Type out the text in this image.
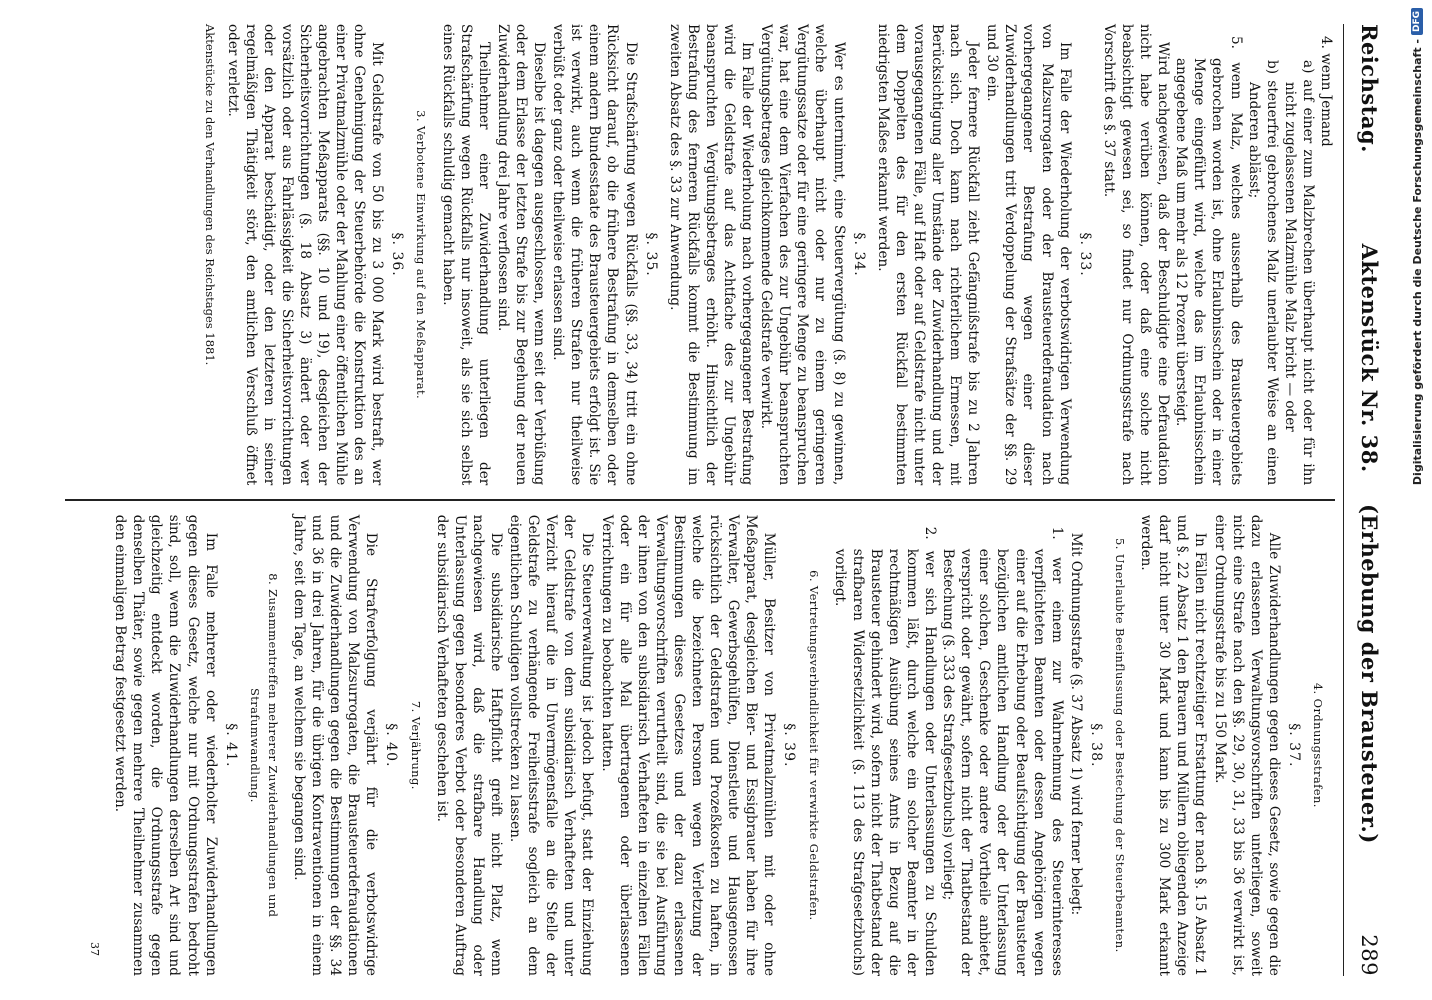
Reichstag.
Aktenstück Nr. 38.    (Erhebung der Brausteuer.)
289

4. wenn Jemand

a) auf einer zum Malzbrechen überhaupt nicht oder für ihn nicht zugelassenen Malzmühle Malz bricht — oder

b) steuerfrei gebrochenes Malz unerlaubter Weise an einen Anderen ablässt;

5. wenn Malz, welches ausserhalb des Brausteuergebiets gebrochen worden ist, ohne Erlaubnisschein oder in einer Menge eingeführt wird, welche das im Erlaubnisschein angegebene Maß um mehr als 12 Prozent übersteigt.

Wird nachgewiesen, daß der Beschuldigte eine Defraudation nicht habe verüben können, oder daß eine solche nicht beabsichtigt gewesen sei, so findet nur Ordnungsstrafe nach Vorschrift des §. 37 statt.

§. 33.

Im Falle der Wiederholung der verbotswidrigen Verwendung von Malzsurrogaten oder der Brausteuerdefraudation nach vorhergegangener Bestrafung wegen einer dieser Zuwiderhandlungen tritt Verdoppelung der Strafsätze der §§. 29 und 30 ein.

Jeder fernere Rückfall zieht Gefängnißstrafe bis zu 2 Jahren nach sich. Doch kann nach richterlichem Ermessen, mit Berücksichtigung aller Umstände der Zuwiderhandlung und der vorausgegangenen Fälle, auf Haft oder auf Geldstrafe nicht unter dem Doppelten des für den ersten Rückfall bestimmten niedrigsten Maßes erkannt werden.

§. 34.

Wer es unternimmt, eine Steuervergütung (§. 8) zu gewinnen, welche überhaupt nicht oder nur zu einem geringeren Vergütungssatze oder für eine geringere Menge zu beanspruchen war, hat eine dem Vierfachen des zur Ungebühr beanspruchten Vergütungsbetrages gleichkommende Geldstrafe verwirkt.

Im Falle der Wiederholung nach vorhergegangener Bestrafung wird die Geldstrafe auf das Achtfache des zur Ungebühr beanspruchten Vergütungsbetrages erhöht. Hinsichtlich der Bestrafung des ferneren Rückfalls kommt die Bestimmung im zweiten Absatz des §. 33 zur Anwendung.

§. 35.

Die Strafschärfung wegen Rückfalls (§§. 33, 34) tritt ein ohne Rücksicht darauf, ob die frühere Bestrafung in demselben oder einem andern Bundesstaate des Brausteuergebiets erfolgt ist. Sie ist verwirkt, auch wenn die früheren Strafen nur theilweise verbüßt oder ganz oder theilweise erlassen sind.

Dieselbe ist dagegen ausgeschlossen, wenn seit der Verbüßung oder dem Erlasse der letzten Strafe bis zur Begehung der neuen Zuwiderhandlung drei Jahre verflossen sind.

Theilnehmer einer Zuwiderhandlung unterliegen der Strafschärfung wegen Rückfalls nur insoweit, als sie sich selbst eines Rückfalls schuldig gemacht haben.

3. Verbotene Einwirkung auf den Meßapparat.
§. 36.

Mit Geldstrafe von 50 bis zu 3 000 Mark wird bestraft, wer ohne Genehmigung der Steuerbehörde die Konstruktion des an einer Privatmalzmühle oder der Mahlung einer öffentlichen Mühle angebrachten Meßapparats (§§. 10 und 19), desgleichen der Sicherheitsvorrichtungen (§. 18 Absatz 3) ändert oder wer vorsätzlich oder aus Fahrlässigkeit die Sicherheitsvorrichtungen oder den Apparat beschädigt, oder den letzteren in seiner regelmäßigen Thätigkeit stört, den amtlichen Verschluß öffnet oder verletzt.

Aktenstücke zu den Verhandlungen des Reichstages 1881.
4. Ordnungsstrafen.
§. 37.

Alle Zuwiderhandlungen gegen dieses Gesetz, sowie gegen die dazu erlassenen Verwaltungsvorschriften unterliegen, soweit nicht eine Strafe nach den §§. 29, 30, 31, 33 bis 36 verwirkt ist, einer Ordnungsstrafe bis zu 150 Mark.

In Fällen nicht rechtzeitiger Erstattung der nach §. 15 Absatz 1 und §. 22 Absatz 1 den Brauern und Müllern obliegenden Anzeige darf nicht unter 30 Mark und kann bis zu 300 Mark erkannt werden.

5. Unerlaubte Beeinflussung oder Bestechung der Steuerbeamten.
§. 38.

Mit Ordnungsstrafe (§. 37 Absatz 1) wird ferner belegt:

1. wer einem zur Wahrnehmung des Steuerinteresses verpflichteten Beamten oder dessen Angehörigen wegen einer auf die Erhebung oder Beaufsichtigung der Brausteuer bezüglichen amtlichen Handlung oder der Unterlassung einer solchen, Geschenke oder andere Vortheile anbietet, verspricht oder gewährt, sofern nicht der Thatbestand der Bestechung (§. 333 des Strafgesetzbuchs) vorliegt;

2. wer sich Handlungen oder Unterlassungen zu Schulden kommen läßt, durch welche ein solcher Beamter in der rechtmäßigen Ausübung seines Amts in Bezug auf die Brausteuer gehindert wird, sofern nicht der Thatbestand der strafbaren Widersetzlichkeit (§. 113 des Strafgesetzbuchs) vorliegt.

6. Vertretungsverbindlichkeit für verwirkte Geldstrafen.
§. 39.

Müller, Besitzer von Privatmalzmühlen mit oder ohne Meßapparat, desgleichen Bier- und Essigbrauer haben für ihre Verwalter, Gewerbsgehülfen, Dienstleute und Hausgenossen rücksichtlich der Geldstrafen und Prozeßkosten zu haften, in welche die bezeichneten Personen wegen Verletzung der Bestimmungen dieses Gesetzes und der dazu erlassenen Verwaltungsvorschriften verurtheilt sind, die sie bei Ausführung der ihnen von den subsidiarisch Verhafteten in einzelnen Fällen oder ein für alle Mal übertragenen oder überlassenen Verrichtungen zu beobachten hatten.

Die Steuerverwaltung ist jedoch befugt, statt der Einziehung der Geldstrafe von dem subsidiarisch Verhafteten und unter Verzicht hierauf die in Unvermögensfalle an die Stelle der Geldstrafe zu verhängende Freiheitsstrafe sogleich an dem eigentlichen Schuldigen vollstrecken zu lassen.

Die subsidiarische Haftpflicht greift nicht Platz, wenn nachgewiesen wird, daß die strafbare Handlung oder Unterlassung gegen besonderes Verbot oder besonderen Auftrag der subsidiarisch Verhafteten geschehen ist.

7. Verjährung.
§. 40.

Die Strafverfolgung verjährt für die verbotswidrige Verwendung von Malzsurrogaten, die Brausteuerdefraudationen und die Zuwiderhandlungen gegen die Bestimmungen der §§. 34 und 36 in drei Jahren, für die übrigen Kontraventionen in einem Jahre, seit dem Tage, an welchem sie begangen sind.

8. Zusammentreffen mehrerer Zuwiderhandlungen und Strafumwandlung.
§. 41.

Im Falle mehrerer oder wiederholter Zuwiderhandlungen gegen dieses Gesetz, welche nur mit Ordnungsstrafen bedroht sind, soll, wenn die Zuwiderhandlungen derselben Art sind und gleichzeitig entdeckt worden, die Ordnungsstrafe gegen denselben Thäter, sowie gegen mehrere Theilnehmer zusammen den einmaligen Betrag festgesetzt werden.

37
Digitalisierung gefördert durch die Deutsche Forschungsgemeinschaft -
DFG
